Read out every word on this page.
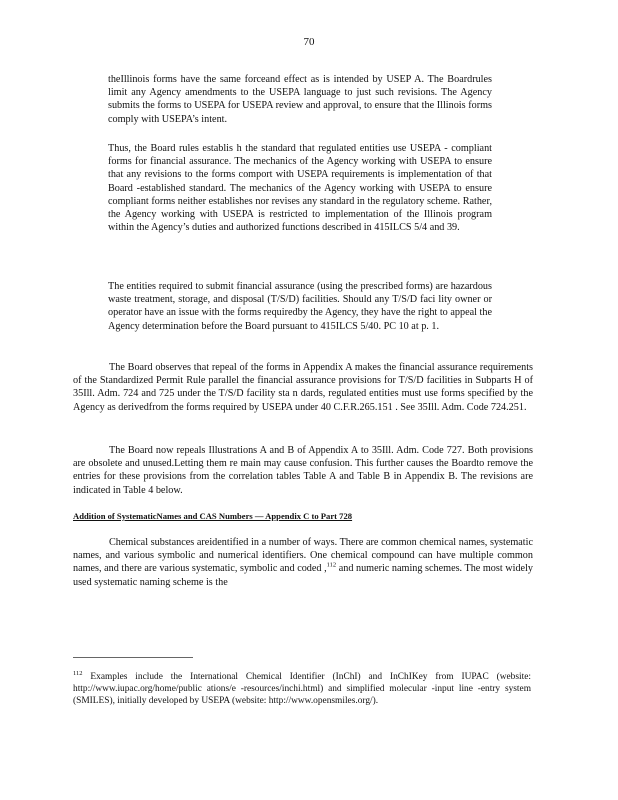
70

theIllinois forms have the same forceand effect as is intended by USEP A. The Boardrules limit any Agency amendments to the USEPA language to just such revisions. The Agency submits the forms to USEPA for USEPA review and approval, to ensure that the Illinois forms comply with USEPA’s intent.

Thus, the Board rules establis h the standard that regulated entities use USEPA - compliant forms for financial assurance. The mechanics of the Agency working with USEPA to ensure that any revisions to the forms comport with USEPA requirements is implementation of that Board -established standard. The mechanics of the Agency working with USEPA to ensure compliant forms neither establishes nor revises any standard in the regulatory scheme. Rather, the Agency working with USEPA is restricted to implementation of the Illinois program within the Agency’s duties and authorized functions described in 415ILCS 5/4 and 39.

The entities required to submit financial assurance (using the prescribed forms) are hazardous waste treatment, storage, and disposal (T/S/D) facilities. Should any T/S/D faci lity owner or operator have an issue with the forms requiredby the Agency, they have the right to appeal the Agency determination before the Board pursuant to 415ILCS 5/40. PC 10 at p. 1.

The Board observes that repeal of the forms in Appendix A makes the financial assurance requirements of the Standardized Permit Rule parallel the financial assurance provisions for T/S/D facilities in Subparts H of 35Ill. Adm. 724 and 725 under the T/S/D facility sta n dards, regulated entities must use forms specified by the Agency as derivedfrom the forms required by USEPA under 40 C.F.R.265.151 . See 35Ill. Adm. Code 724.251.

The Board now repeals Illustrations A and B of Appendix A to 35Ill. Adm. Code 727. Both provisions are obsolete and unused.Letting them re main may cause confusion. This further causes the Boardto remove the entries for these provisions from the correlation tables Table A and Table B in Appendix B. The revisions are indicated in Table 4 below.

Addition of SystematicNames and CAS Numbers — Appendix C to Part 728

Chemical substances areidentified in a number of ways. There are common chemical names, systematic names, and various symbolic and numerical identifiers. One chemical compound can have multiple common names, and there are various systematic, symbolic and coded ,$^{112}$ and numeric naming schemes. The most widely used systematic naming scheme is the

$^{112}$ Examples include the International Chemical Identifier (InChI) and InChIKey from IUPAC (website: http://www.iupac.org/home/public ations/e -resources/inchi.html) and simplified molecular -input line -entry system (SMILES), initially developed by USEPA (website: http://www.opensmiles.org/).
